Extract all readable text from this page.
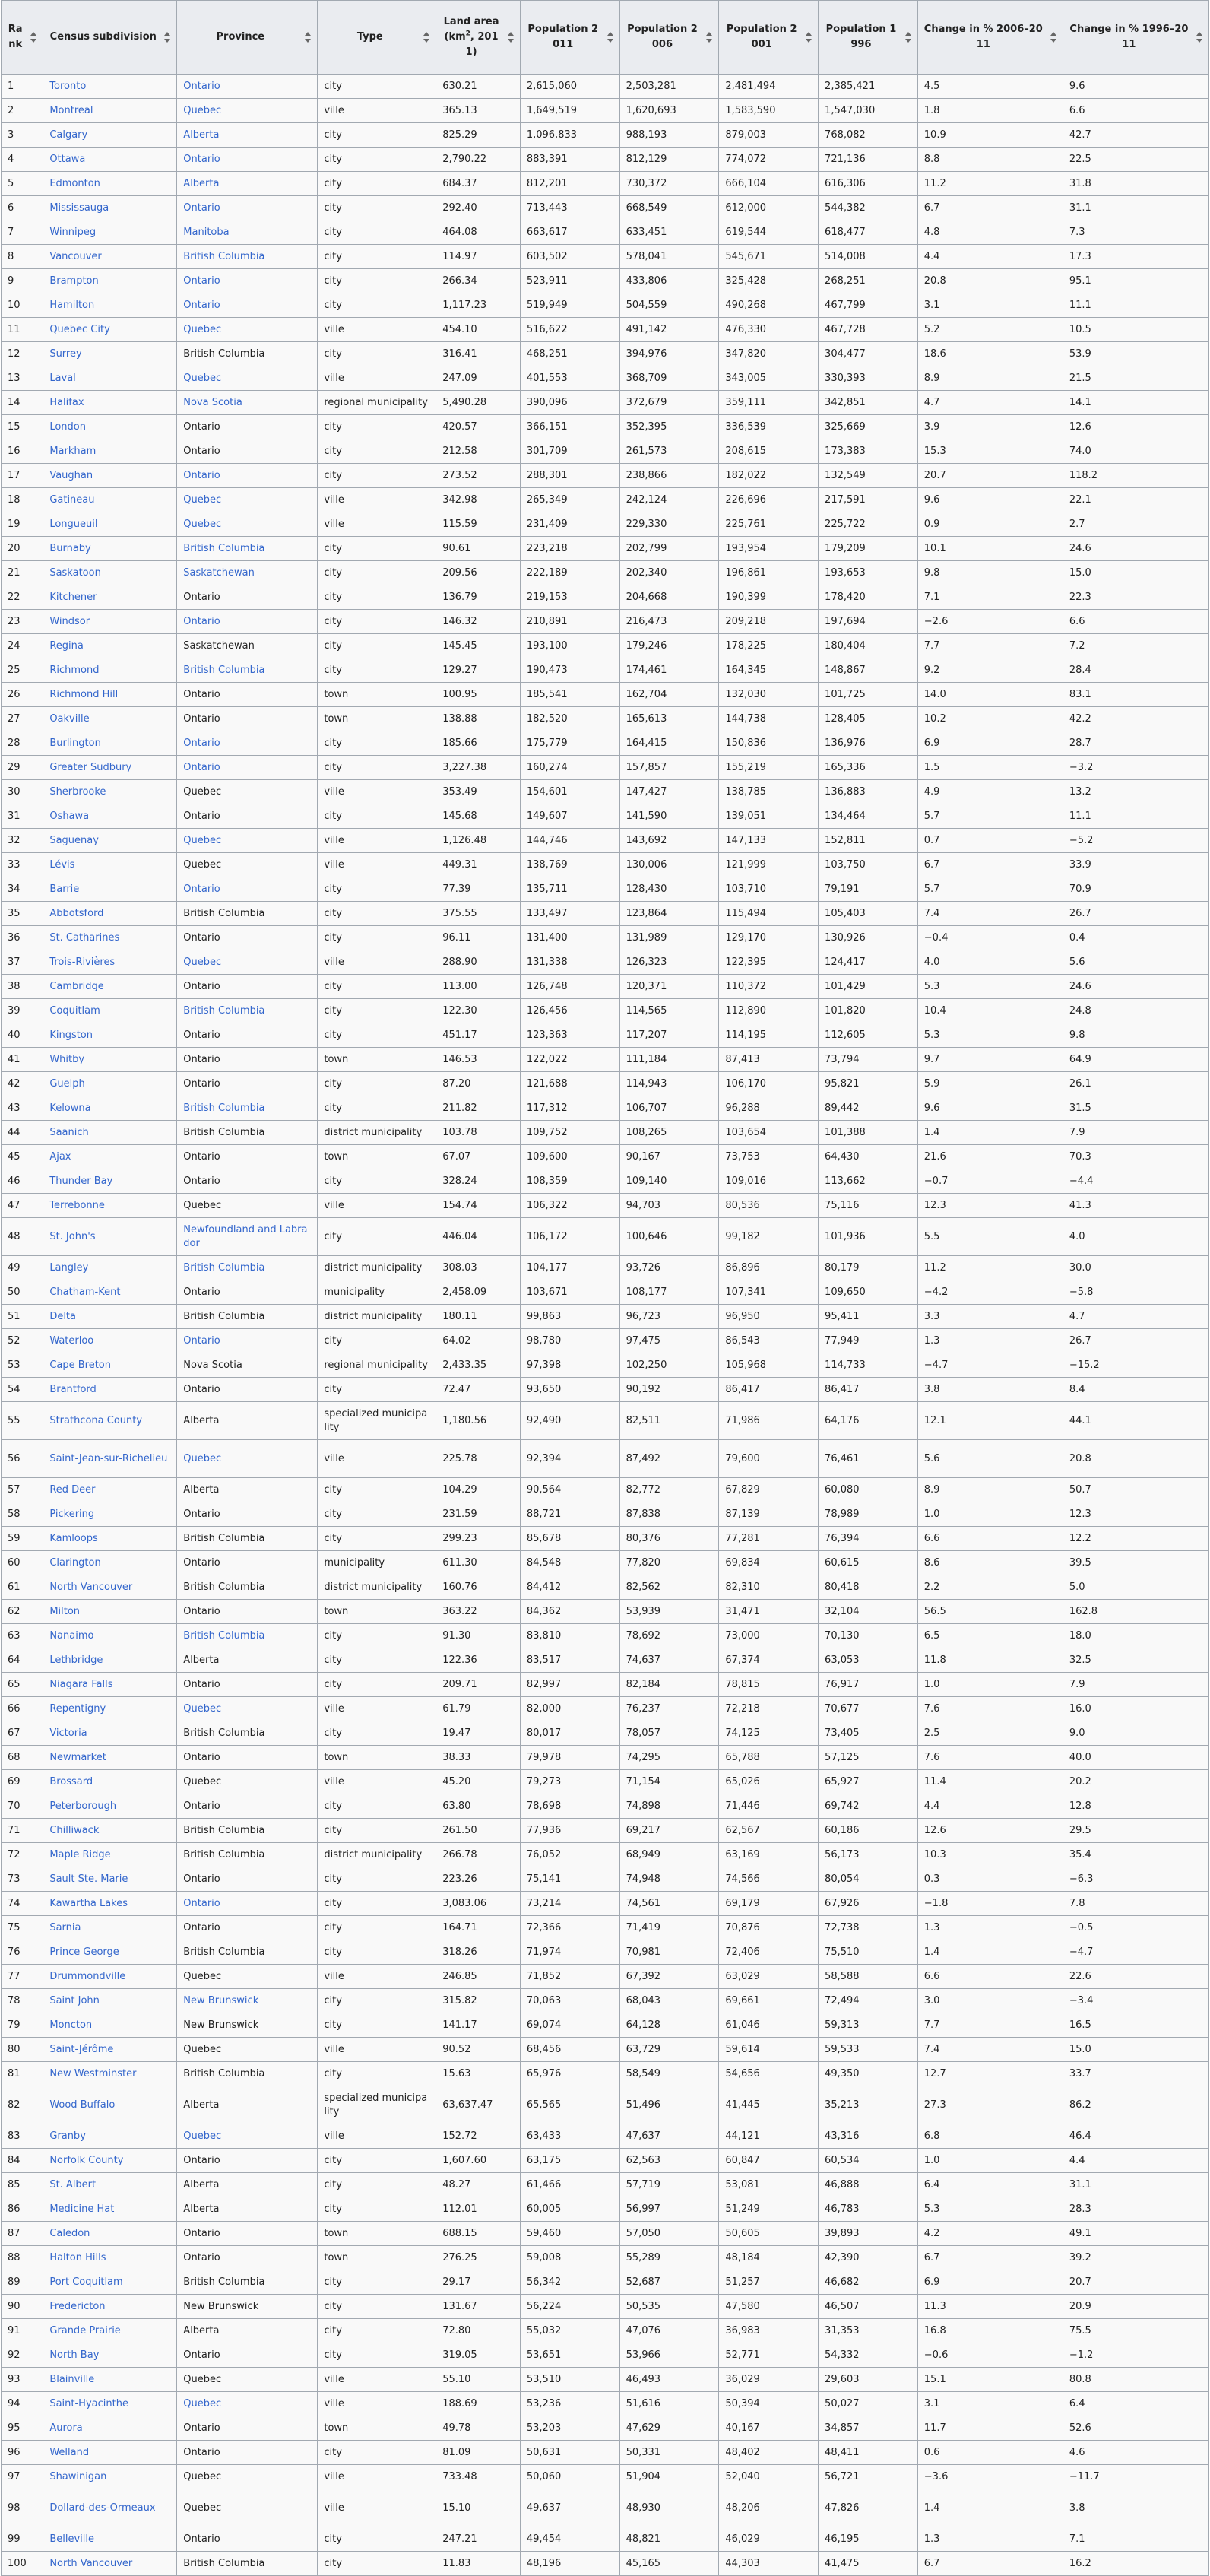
Rank	Census subdivision	Province	Type	Land area ($km^2$, 2011)	Population 2011	Population 2006	Population 2001	Population 1996	Change in % 2006–2011	Change in % 1996–2011

1	Toronto	Ontario	city	630.21	2,615,060	2,503,281	2,481,494	2,385,421	4.5	9.6
2	Montreal	Quebec	ville	365.13	1,649,519	1,620,693	1,583,590	1,547,030	1.8	6.6
3	Calgary	Alberta	city	825.29	1,096,833	988,193	879,003	768,082	10.9	42.7
4	Ottawa	Ontario	city	2,790.22	883,391	812,129	774,072	721,136	8.8	22.5
5	Edmonton	Alberta	city	684.37	812,201	730,372	666,104	616,306	11.2	31.8
6	Mississauga	Ontario	city	292.40	713,443	668,549	612,000	544,382	6.7	31.1
7	Winnipeg	Manitoba	city	464.08	663,617	633,451	619,544	618,477	4.8	7.3
8	Vancouver	British Columbia	city	114.97	603,502	578,041	545,671	514,008	4.4	17.3
9	Brampton	Ontario	city	266.34	523,911	433,806	325,428	268,251	20.8	95.1
10	Hamilton	Ontario	city	1,117.23	519,949	504,559	490,268	467,799	3.1	11.1
11	Quebec City	Quebec	ville	454.10	516,622	491,142	476,330	467,728	5.2	10.5
12	Surrey	British Columbia	city	316.41	468,251	394,976	347,820	304,477	18.6	53.9
13	Laval	Quebec	ville	247.09	401,553	368,709	343,005	330,393	8.9	21.5
14	Halifax	Nova Scotia	regional municipality	5,490.28	390,096	372,679	359,111	342,851	4.7	14.1
15	London	Ontario	city	420.57	366,151	352,395	336,539	325,669	3.9	12.6
16	Markham	Ontario	city	212.58	301,709	261,573	208,615	173,383	15.3	74.0
17	Vaughan	Ontario	city	273.52	288,301	238,866	182,022	132,549	20.7	118.2
18	Gatineau	Quebec	ville	342.98	265,349	242,124	226,696	217,591	9.6	22.1
19	Longueuil	Quebec	ville	115.59	231,409	229,330	225,761	225,722	0.9	2.7
20	Burnaby	British Columbia	city	90.61	223,218	202,799	193,954	179,209	10.1	24.6
21	Saskatoon	Saskatchewan	city	209.56	222,189	202,340	196,861	193,653	9.8	15.0
22	Kitchener	Ontario	city	136.79	219,153	204,668	190,399	178,420	7.1	22.3
23	Windsor	Ontario	city	146.32	210,891	216,473	209,218	197,694	−2.6	6.6
24	Regina	Saskatchewan	city	145.45	193,100	179,246	178,225	180,404	7.7	7.2
25	Richmond	British Columbia	city	129.27	190,473	174,461	164,345	148,867	9.2	28.4
26	Richmond Hill	Ontario	town	100.95	185,541	162,704	132,030	101,725	14.0	83.1
27	Oakville	Ontario	town	138.88	182,520	165,613	144,738	128,405	10.2	42.2
28	Burlington	Ontario	city	185.66	175,779	164,415	150,836	136,976	6.9	28.7
29	Greater Sudbury	Ontario	city	3,227.38	160,274	157,857	155,219	165,336	1.5	−3.2
30	Sherbrooke	Quebec	ville	353.49	154,601	147,427	138,785	136,883	4.9	13.2
31	Oshawa	Ontario	city	145.68	149,607	141,590	139,051	134,464	5.7	11.1
32	Saguenay	Quebec	ville	1,126.48	144,746	143,692	147,133	152,811	0.7	−5.2
33	Lévis	Quebec	ville	449.31	138,769	130,006	121,999	103,750	6.7	33.9
34	Barrie	Ontario	city	77.39	135,711	128,430	103,710	79,191	5.7	70.9
35	Abbotsford	British Columbia	city	375.55	133,497	123,864	115,494	105,403	7.4	26.7
36	St. Catharines	Ontario	city	96.11	131,400	131,989	129,170	130,926	−0.4	0.4
37	Trois-Rivières	Quebec	ville	288.90	131,338	126,323	122,395	124,417	4.0	5.6
38	Cambridge	Ontario	city	113.00	126,748	120,371	110,372	101,429	5.3	24.6
39	Coquitlam	British Columbia	city	122.30	126,456	114,565	112,890	101,820	10.4	24.8
40	Kingston	Ontario	city	451.17	123,363	117,207	114,195	112,605	5.3	9.8
41	Whitby	Ontario	town	146.53	122,022	111,184	87,413	73,794	9.7	64.9
42	Guelph	Ontario	city	87.20	121,688	114,943	106,170	95,821	5.9	26.1
43	Kelowna	British Columbia	city	211.82	117,312	106,707	96,288	89,442	9.6	31.5
44	Saanich	British Columbia	district municipality	103.78	109,752	108,265	103,654	101,388	1.4	7.9
45	Ajax	Ontario	town	67.07	109,600	90,167	73,753	64,430	21.6	70.3
46	Thunder Bay	Ontario	city	328.24	108,359	109,140	109,016	113,662	−0.7	−4.4
47	Terrebonne	Quebec	ville	154.74	106,322	94,703	80,536	75,116	12.3	41.3
48	St. John's	Newfoundland and Labrador	city	446.04	106,172	100,646	99,182	101,936	5.5	4.0
49	Langley	British Columbia	district municipality	308.03	104,177	93,726	86,896	80,179	11.2	30.0
50	Chatham-Kent	Ontario	municipality	2,458.09	103,671	108,177	107,341	109,650	−4.2	−5.8
51	Delta	British Columbia	district municipality	180.11	99,863	96,723	96,950	95,411	3.3	4.7
52	Waterloo	Ontario	city	64.02	98,780	97,475	86,543	77,949	1.3	26.7
53	Cape Breton	Nova Scotia	regional municipality	2,433.35	97,398	102,250	105,968	114,733	−4.7	−15.2
54	Brantford	Ontario	city	72.47	93,650	90,192	86,417	86,417	3.8	8.4
55	Strathcona County	Alberta	specialized municipality	1,180.56	92,490	82,511	71,986	64,176	12.1	44.1
56	Saint-Jean-sur-Richelieu	Quebec	ville	225.78	92,394	87,492	79,600	76,461	5.6	20.8
57	Red Deer	Alberta	city	104.29	90,564	82,772	67,829	60,080	8.9	50.7
58	Pickering	Ontario	city	231.59	88,721	87,838	87,139	78,989	1.0	12.3
59	Kamloops	British Columbia	city	299.23	85,678	80,376	77,281	76,394	6.6	12.2
60	Clarington	Ontario	municipality	611.30	84,548	77,820	69,834	60,615	8.6	39.5
61	North Vancouver	British Columbia	district municipality	160.76	84,412	82,562	82,310	80,418	2.2	5.0
62	Milton	Ontario	town	363.22	84,362	53,939	31,471	32,104	56.5	162.8
63	Nanaimo	British Columbia	city	91.30	83,810	78,692	73,000	70,130	6.5	18.0
64	Lethbridge	Alberta	city	122.36	83,517	74,637	67,374	63,053	11.8	32.5
65	Niagara Falls	Ontario	city	209.71	82,997	82,184	78,815	76,917	1.0	7.9
66	Repentigny	Quebec	ville	61.79	82,000	76,237	72,218	70,677	7.6	16.0
67	Victoria	British Columbia	city	19.47	80,017	78,057	74,125	73,405	2.5	9.0
68	Newmarket	Ontario	town	38.33	79,978	74,295	65,788	57,125	7.6	40.0
69	Brossard	Quebec	ville	45.20	79,273	71,154	65,026	65,927	11.4	20.2
70	Peterborough	Ontario	city	63.80	78,698	74,898	71,446	69,742	4.4	12.8
71	Chilliwack	British Columbia	city	261.50	77,936	69,217	62,567	60,186	12.6	29.5
72	Maple Ridge	British Columbia	district municipality	266.78	76,052	68,949	63,169	56,173	10.3	35.4
73	Sault Ste. Marie	Ontario	city	223.26	75,141	74,948	74,566	80,054	0.3	−6.3
74	Kawartha Lakes	Ontario	city	3,083.06	73,214	74,561	69,179	67,926	−1.8	7.8
75	Sarnia	Ontario	city	164.71	72,366	71,419	70,876	72,738	1.3	−0.5
76	Prince George	British Columbia	city	318.26	71,974	70,981	72,406	75,510	1.4	−4.7
77	Drummondville	Quebec	ville	246.85	71,852	67,392	63,029	58,588	6.6	22.6
78	Saint John	New Brunswick	city	315.82	70,063	68,043	69,661	72,494	3.0	−3.4
79	Moncton	New Brunswick	city	141.17	69,074	64,128	61,046	59,313	7.7	16.5
80	Saint-Jérôme	Quebec	ville	90.52	68,456	63,729	59,614	59,533	7.4	15.0
81	New Westminster	British Columbia	city	15.63	65,976	58,549	54,656	49,350	12.7	33.7
82	Wood Buffalo	Alberta	specialized municipality	63,637.47	65,565	51,496	41,445	35,213	27.3	86.2
83	Granby	Quebec	ville	152.72	63,433	47,637	44,121	43,316	6.8	46.4
84	Norfolk County	Ontario	city	1,607.60	63,175	62,563	60,847	60,534	1.0	4.4
85	St. Albert	Alberta	city	48.27	61,466	57,719	53,081	46,888	6.4	31.1
86	Medicine Hat	Alberta	city	112.01	60,005	56,997	51,249	46,783	5.3	28.3
87	Caledon	Ontario	town	688.15	59,460	57,050	50,605	39,893	4.2	49.1
88	Halton Hills	Ontario	town	276.25	59,008	55,289	48,184	42,390	6.7	39.2
89	Port Coquitlam	British Columbia	city	29.17	56,342	52,687	51,257	46,682	6.9	20.7
90	Fredericton	New Brunswick	city	131.67	56,224	50,535	47,580	46,507	11.3	20.9
91	Grande Prairie	Alberta	city	72.80	55,032	47,076	36,983	31,353	16.8	75.5
92	North Bay	Ontario	city	319.05	53,651	53,966	52,771	54,332	−0.6	−1.2
93	Blainville	Quebec	ville	55.10	53,510	46,493	36,029	29,603	15.1	80.8
94	Saint-Hyacinthe	Quebec	ville	188.69	53,236	51,616	50,394	50,027	3.1	6.4
95	Aurora	Ontario	town	49.78	53,203	47,629	40,167	34,857	11.7	52.6
96	Welland	Ontario	city	81.09	50,631	50,331	48,402	48,411	0.6	4.6
97	Shawinigan	Quebec	ville	733.48	50,060	51,904	52,040	56,721	−3.6	−11.7
98	Dollard-des-Ormeaux	Quebec	ville	15.10	49,637	48,930	48,206	47,826	1.4	3.8
99	Belleville	Ontario	city	247.21	49,454	48,821	46,029	46,195	1.3	7.1
100	North Vancouver	British Columbia	city	11.83	48,196	45,165	44,303	41,475	6.7	16.2
